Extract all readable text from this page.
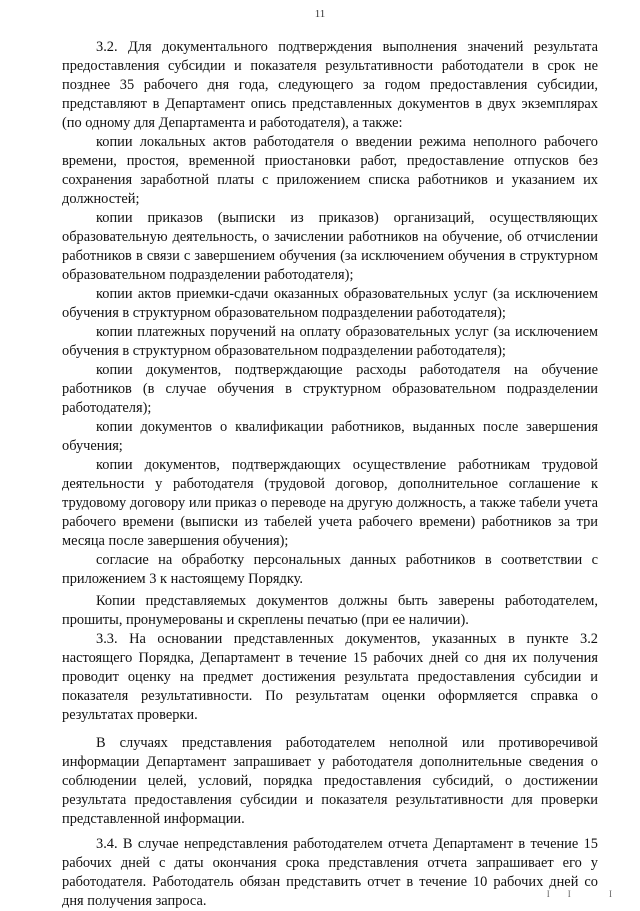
11

3.2. Для документального подтверждения выполнения значений результата предоставления субсидии и показателя результативности работодатели в срок не позднее 35 рабочего дня года, следующего за годом предоставления субсидии, представляют в Департамент опись представленных документов в двух экземплярах (по одному для Департамента и работодателя), а также:

копии локальных актов работодателя о введении режима неполного рабочего времени, простоя, временной приостановки работ, предоставление отпусков без сохранения заработной платы с приложением списка работников и указанием их должностей;

копии приказов (выписки из приказов) организаций, осуществляющих образовательную деятельность, о зачислении работников на обучение, об отчислении работников в связи с завершением обучения (за исключением обучения в структурном образовательном подразделении работодателя);

копии актов приемки-сдачи оказанных образовательных услуг (за исключением обучения в структурном образовательном подразделении работодателя);

копии платежных поручений на оплату образовательных услуг (за исключением обучения в структурном образовательном подразделении работодателя);

копии документов, подтверждающие расходы работодателя на обучение работников (в случае обучения в структурном образовательном подразделении работодателя);

копии документов о квалификации работников, выданных после завершения обучения;

копии документов, подтверждающих осуществление работникам трудовой деятельности у работодателя (трудовой договор, дополнительное соглашение к трудовому договору или приказ о переводе на другую должность, а также табели учета рабочего времени (выписки из табелей учета рабочего времени) работников за три месяца после завершения обучения);

согласие на обработку персональных данных работников в соответствии с приложением 3 к настоящему Порядку.

Копии представляемых документов должны быть заверены работодателем, прошиты, пронумерованы и скреплены печатью (при ее наличии).

3.3. На основании представленных документов, указанных в пункте 3.2 настоящего Порядка, Департамент в течение 15 рабочих дней со дня их получения проводит оценку на предмет достижения результата предоставления субсидии и показателя результативности. По результатам оценки оформляется справка о результатах проверки.

В случаях представления работодателем неполной или противоречивой информации Департамент запрашивает у работодателя дополнительные сведения о соблюдении целей, условий, порядка предоставления субсидий, о достижении результата предоставления субсидии и показателя результативности для проверки представленной информации.

3.4. В случае непредставления работодателем отчета Департамент в течение 15 рабочих дней с даты окончания срока представления отчета запрашивает его у работодателя. Работодатель обязан представить отчет в течение 10 рабочих дней со дня получения запроса.	II I
